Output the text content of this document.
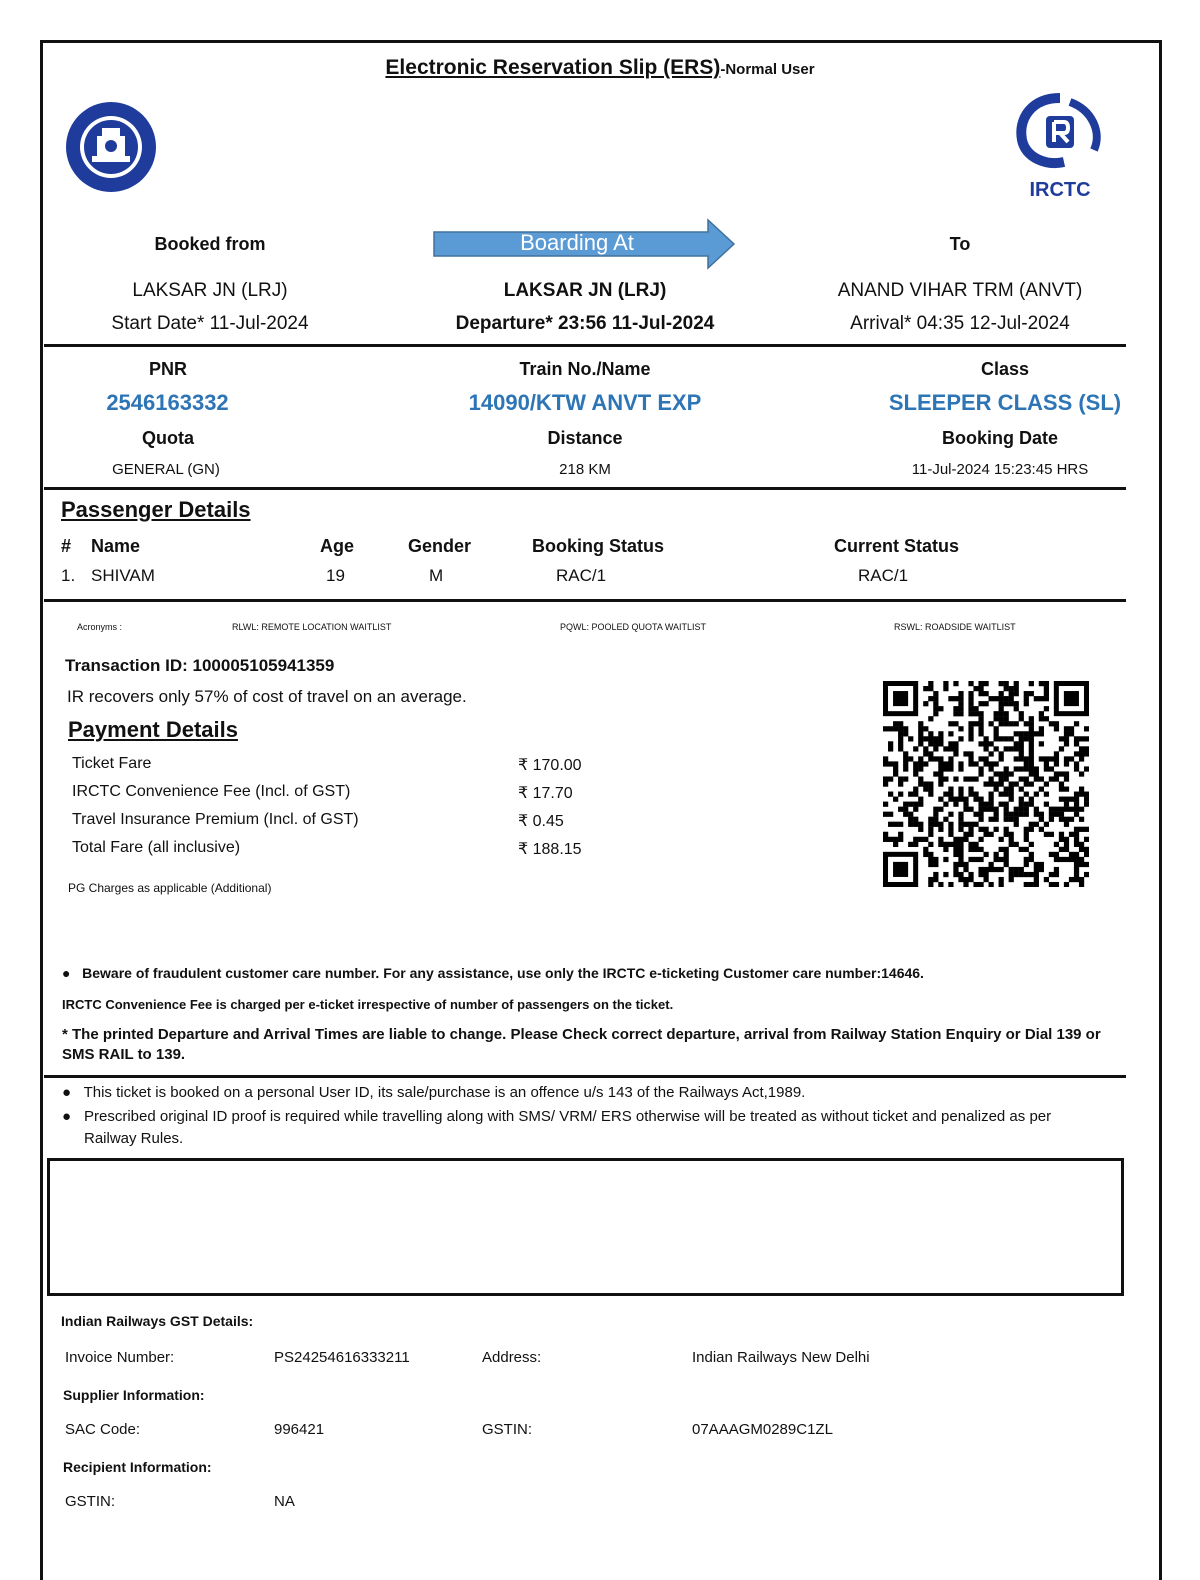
Electronic Reservation Slip (ERS)-Normal User
IRCTC
Booked from
LAKSAR JN (LRJ)
Start Date* 11-Jul-2024
Boarding At
LAKSAR JN (LRJ)
Departure* 23:56 11-Jul-2024
To
ANAND VIHAR TRM (ANVT)
Arrival* 04:35 12-Jul-2024
PNR
2546163332
Train No./Name
14090/KTW ANVT EXP
Class
SLEEPER CLASS (SL)
Quota
GENERAL (GN)
Distance
218 KM
Booking Date
11-Jul-2024 15:23:45 HRS
Passenger Details
# Name	Age	Gender	Booking Status	Current Status
1. SHIVAM	19	M	RAC/1	RAC/1
Acronyms :	RLWL: REMOTE LOCATION WAITLIST	PQWL: POOLED QUOTA WAITLIST	RSWL: ROADSIDE WAITLIST
Transaction ID: 100005105941359
IR recovers only 57% of cost of travel on an average.
Payment Details
Ticket Fare	₹ 170.00
IRCTC Convenience Fee (Incl. of GST)	₹ 17.70
Travel Insurance Premium (Incl. of GST)	₹ 0.45
Total Fare (all inclusive)	₹ 188.15
PG Charges as applicable (Additional)
●   Beware of fraudulent customer care number. For any assistance, use only the IRCTC e-ticketing Customer care number:14646.
IRCTC Convenience Fee is charged per e-ticket irrespective of number of passengers on the ticket.
* The printed Departure and Arrival Times are liable to change. Please Check correct departure, arrival from Railway Station Enquiry or Dial 139 or SMS RAIL to 139.
●   This ticket is booked on a personal User ID, its sale/purchase is an offence u/s 143 of the Railways Act,1989.
● Prescribed original ID proof is required while travelling along with SMS/ VRM/ ERS otherwise will be treated as without ticket and penalized as per Railway Rules.
Indian Railways GST Details:
Invoice Number:	PS24254616333211	Address:	Indian Railways New Delhi
Supplier Information:
SAC Code:	996421	GSTIN:	07AAAGM0289C1ZL
Recipient Information:
GSTIN:	NA
